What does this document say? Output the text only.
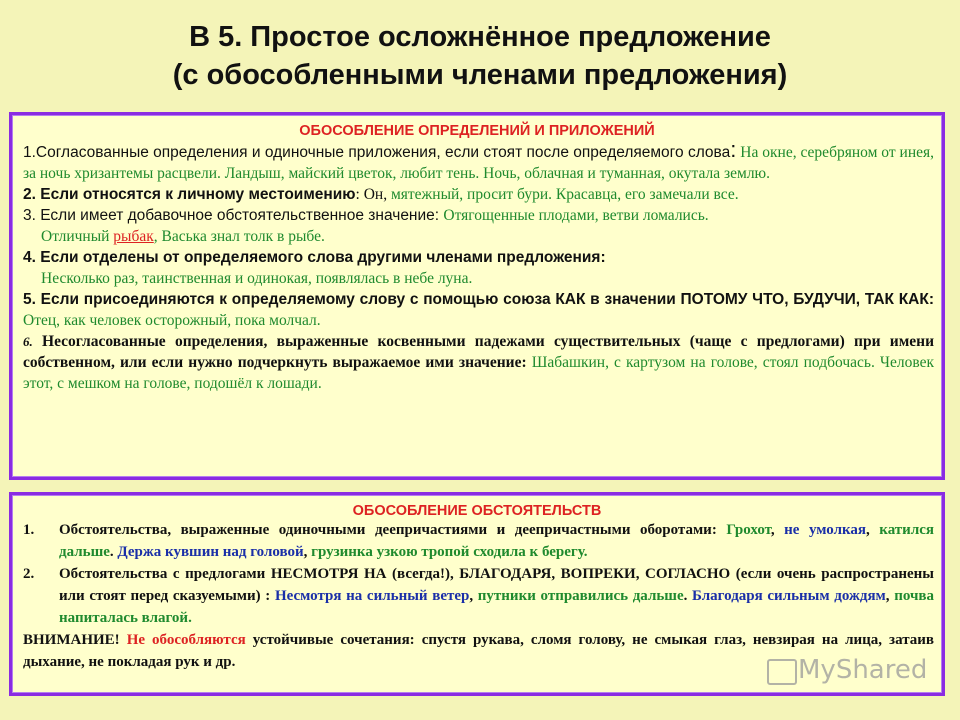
В 5. Простое осложнённое предложение
(с обособленными членами предложения)
ОБОСОБЛЕНИЕ ОПРЕДЕЛЕНИЙ И ПРИЛОЖЕНИЙ
1.Согласованные определения и одиночные приложения, если стоят после определяемого слова: На окне, серебряном от инея, за ночь хризантемы расцвели. Ландыш, майский цветок, любит тень. Ночь, облачная и туманная, окутала землю.
2. Если относятся к личному местоимению: Он, мятежный, просит бури. Красавца, его замечали все.
3. Если имеет добавочное обстоятельственное значение: Отягощенные плодами, ветви ломались.
Отличный рыбак, Васька знал толк в рыбе.
4. Если отделены от определяемого слова другими членами предложения:
Несколько раз, таинственная и одинокая, появлялась в небе луна.
5. Если присоединяются к определяемому слову с помощью союза КАК в значении ПОТОМУ ЧТО, БУДУЧИ, ТАК КАК: Отец, как человек осторожный, пока молчал.
6. Несогласованные определения, выраженные косвенными падежами существительных (чаще с предлогами) при имени собственном, или если нужно подчеркнуть выражаемое ими значение: Шабашкин, с картузом на голове, стоял подбочась. Человек этот, с мешком на голове, подошёл к лошади.
ОБОСОБЛЕНИЕ ОБСТОЯТЕЛЬСТВ
1.	Обстоятельства, выраженные одиночными деепричастиями и деепричастными оборотами: Грохот, не умолкая, катился дальше. Держа кувшин над головой, грузинка узкою тропой сходила к берегу.
2.	Обстоятельства с предлогами НЕСМОТРЯ НА (всегда!), БЛАГОДАРЯ, ВОПРЕКИ, СОГЛАСНО (если очень распространены или стоят перед сказуемыми) : Несмотря на сильный ветер, путники отправились дальше. Благодаря сильным дождям, почва напиталась влагой.
ВНИМАНИЕ! Не обособляются устойчивые сочетания: спустя рукава, сломя голову, не смыкая глаз, невзирая на лица, затаив дыхание, не покладая рук и др.	MyShared
